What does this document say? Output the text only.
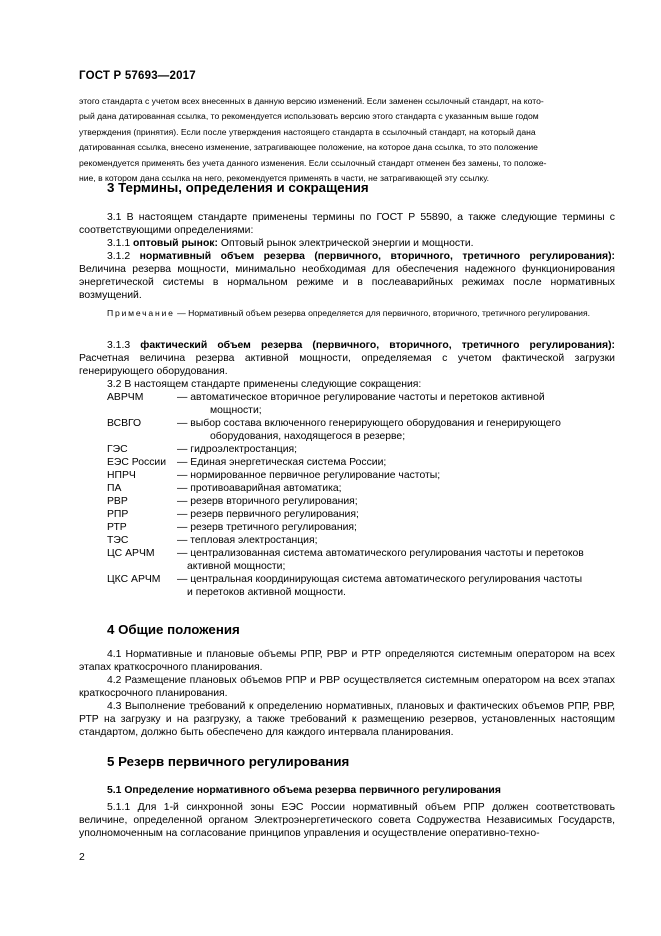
ГОСТ Р 57693—2017
этого стандарта с учетом всех внесенных в данную версию изменений. Если заменен ссылочный стандарт, на кото-
рый дана датированная ссылка, то рекомендуется использовать версию этого стандарта с указанным выше годом
утверждения (принятия). Если после утверждения настоящего стандарта в ссылочный стандарт, на который дана
датированная ссылка, внесено изменение, затрагивающее положение, на которое дана ссылка, то это положение
рекомендуется применять без учета данного изменения. Если ссылочный стандарт отменен без замены, то положе-
ние, в котором дана ссылка на него, рекомендуется применять в части, не затрагивающей эту ссылку.
3 Термины, определения и сокращения
3.1 В настоящем стандарте применены термины по ГОСТ Р 55890, а также следующие термины с соответствующими определениями:
3.1.1 оптовый рынок: Оптовый рынок электрической энергии и мощности.
3.1.2 нормативный объем резерва (первичного, вторичного, третичного регулирования): Величина резерва мощности, минимально необходимая для обеспечения надежного функционирования энергетической системы в нормальном режиме и в послеаварийных режимах после нормативных возмущений.
Примечание — Нормативный объем резерва определяется для первичного, вторичного, третичного регулирования.
3.1.3 фактический объем резерва (первичного, вторичного, третичного регулирования): Расчетная величина резерва активной мощности, определяемая с учетом фактической загрузки генерирующего оборудования.
3.2 В настоящем стандарте применены следующие сокращения:
АВРЧМ	— автоматическое вторичное регулирование частоты и перетоков активной
мощности;
ВСВГО	— выбор состава включенного генерирующего оборудования и генерирующего
оборудования, находящегося в резерве;
ГЭС	— гидроэлектростанция;
ЕЭС России	— Единая энергетическая система России;
НПРЧ	— нормированное первичное регулирование частоты;
ПА	— противоаварийная автоматика;
РВР	— резерв вторичного регулирования;
РПР	— резерв первичного регулирования;
РТР	— резерв третичного регулирования;
ТЭС	— тепловая электростанция;
ЦС АРЧМ	— централизованная система автоматического регулирования частоты и перетоков
активной мощности;
ЦКС АРЧМ	— центральная координирующая система автоматического регулирования частоты
и перетоков активной мощности.
4 Общие положения
4.1 Нормативные и плановые объемы РПР, РВР и РТР определяются системным оператором на всех этапах краткосрочного планирования.
4.2 Размещение плановых объемов РПР и РВР осуществляется системным оператором на всех этапах краткосрочного планирования.
4.3 Выполнение требований к определению нормативных, плановых и фактических объемов РПР, РВР, РТР на загрузку и на разгрузку, а также требований к размещению резервов, установленных настоящим стандартом, должно быть обеспечено для каждого интервала планирования.
5 Резерв первичного регулирования
5.1 Определение нормативного объема резерва первичного регулирования
5.1.1 Для 1-й синхронной зоны ЕЭС России нормативный объем РПР должен соответствовать величине, определенной органом Электроэнергетического совета Содружества Независимых Государств, уполномоченным на согласование принципов управления и осуществление оперативно-техно-
2
